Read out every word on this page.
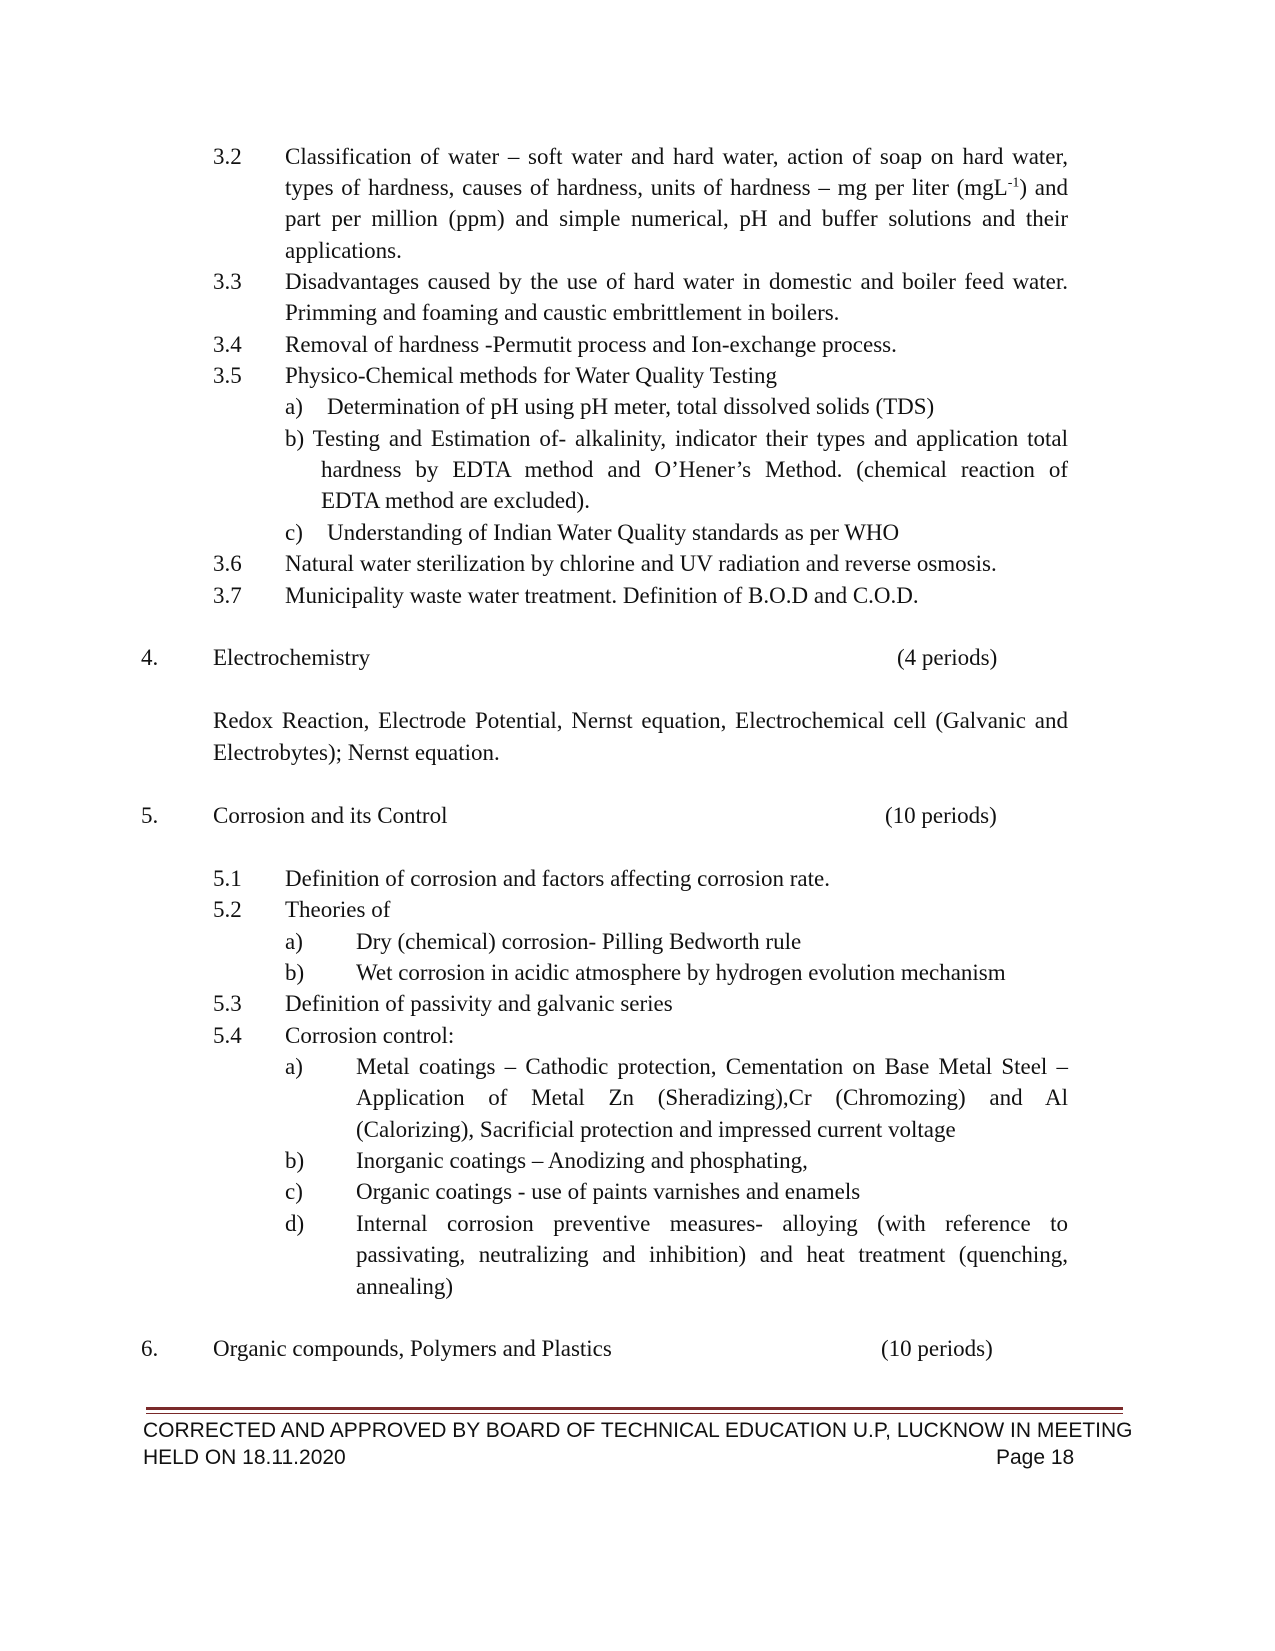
3.2 Classification of water – soft water and hard water, action of soap on hard water,
types of hardness, causes of hardness, units of hardness – mg per liter (mgL$^{-1}$) and
part per million (ppm) and simple numerical, pH and buffer solutions and their
applications.
3.3 Disadvantages caused by the use of hard water in domestic and boiler feed water.
Primming and foaming and caustic embrittlement in boilers.
3.4 Removal of hardness -Permutit process and Ion-exchange process.
3.5 Physico-Chemical methods for Water Quality Testing
a) Determination of pH using pH meter, total dissolved solids (TDS)
b) Testing and Estimation of- alkalinity, indicator their types and application total
hardness by EDTA method and O’Hener’s Method. (chemical reaction of
EDTA method are excluded).
c) Understanding of Indian Water Quality standards as per WHO
3.6 Natural water sterilization by chlorine and UV radiation and reverse osmosis.
3.7 Municipality waste water treatment. Definition of B.O.D and C.O.D.
4. Electrochemistry	(4 periods)
Redox Reaction, Electrode Potential, Nernst equation, Electrochemical cell (Galvanic and
Electrobytes); Nernst equation.
5. Corrosion and its Control	(10 periods)
5.1 Definition of corrosion and factors affecting corrosion rate.
5.2 Theories of
a) Dry (chemical) corrosion- Pilling Bedworth rule
b) Wet corrosion in acidic atmosphere by hydrogen evolution mechanism
5.3 Definition of passivity and galvanic series
5.4 Corrosion control:
a) Metal coatings – Cathodic protection, Cementation on Base Metal Steel –
Application of Metal Zn (Sheradizing),Cr (Chromozing) and Al
(Calorizing), Sacrificial protection and impressed current voltage
b) Inorganic coatings – Anodizing and phosphating,
c) Organic coatings - use of paints varnishes and enamels
d) Internal corrosion preventive measures- alloying (with reference to
passivating, neutralizing and inhibition) and heat treatment (quenching,
annealing)
6. Organic compounds, Polymers and Plastics	(10 periods)
CORRECTED AND APPROVED BY BOARD OF TECHNICAL EDUCATION U.P, LUCKNOW IN MEETING
HELD ON 18.11.2020	Page 18
